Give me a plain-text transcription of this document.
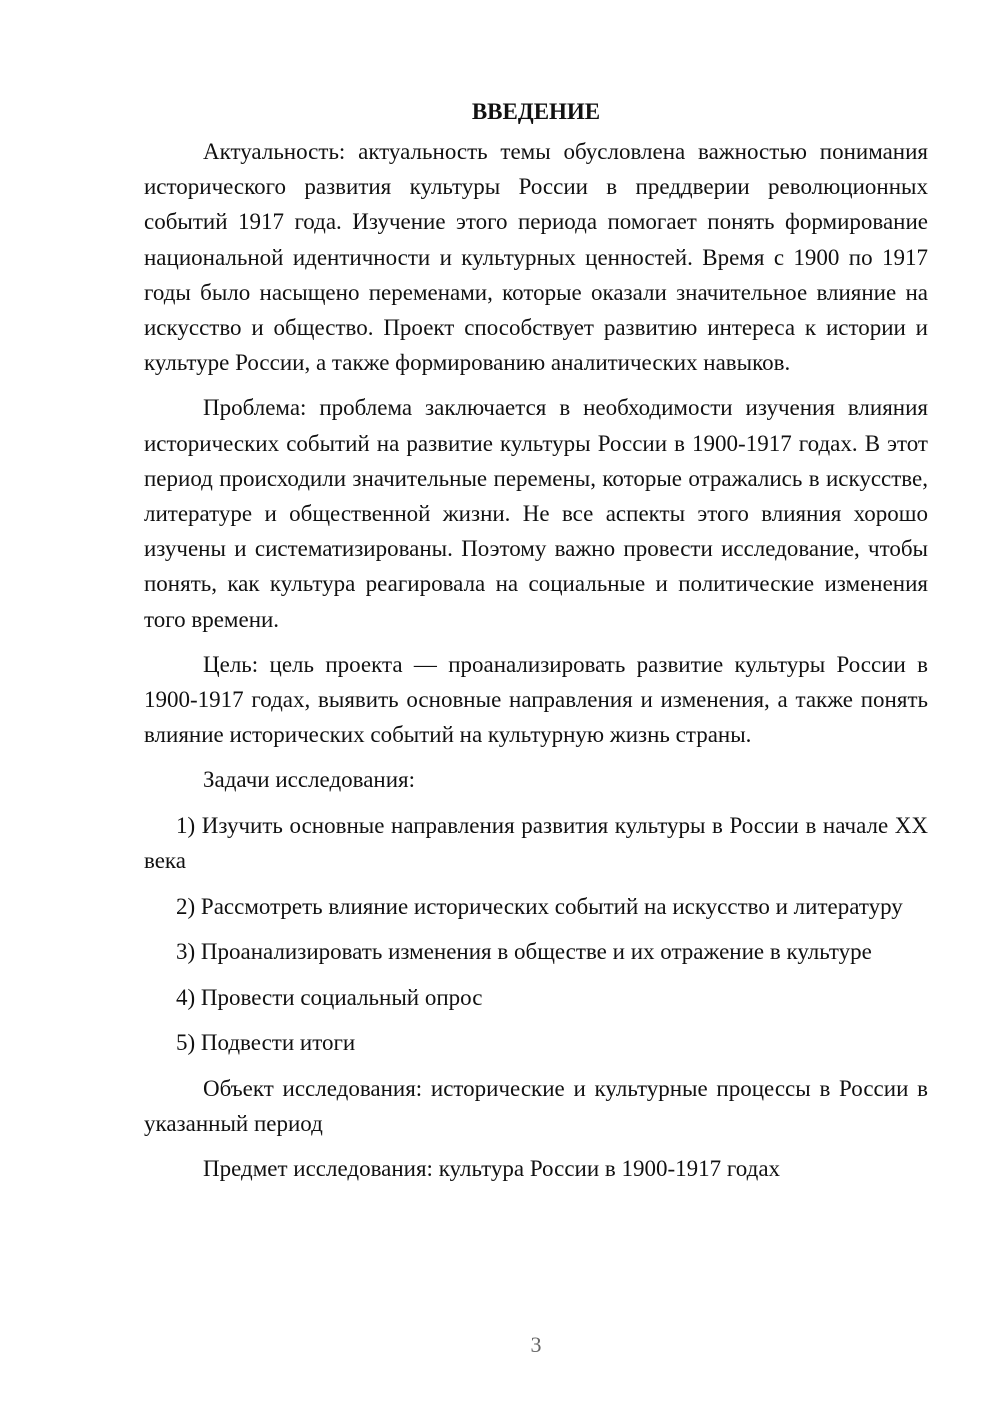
ВВЕДЕНИЕ

Актуальность: актуальность темы обусловлена важностью понимания исторического развития культуры России в преддверии революционных событий 1917 года. Изучение этого периода помогает понять формирование национальной идентичности и культурных ценностей. Время с 1900 по 1917 годы было насыщено переменами, которые оказали значительное влияние на искусство и общество. Проект способствует развитию интереса к истории и культуре России, а также формированию аналитических навыков.

Проблема: проблема заключается в необходимости изучения влияния исторических событий на развитие культуры России в 1900-1917 годах. В этот период происходили значительные перемены, которые отражались в искусстве, литературе и общественной жизни. Не все аспекты этого влияния хорошо изучены и систематизированы. Поэтому важно провести исследование, чтобы понять, как культура реагировала на социальные и политические изменения того времени.

Цель: цель проекта — проанализировать развитие культуры России в 1900-1917 годах, выявить основные направления и изменения, а также понять влияние исторических событий на культурную жизнь страны.

Задачи исследования:

1) Изучить основные направления развития культуры в России в начале XX века

2) Рассмотреть влияние исторических событий на искусство и литературу

3) Проанализировать изменения в обществе и их отражение в культуре

4) Провести социальный опрос

5) Подвести итоги

Объект исследования: исторические и культурные процессы в России в указанный период

Предмет исследования: культура России в 1900-1917 годах

3
